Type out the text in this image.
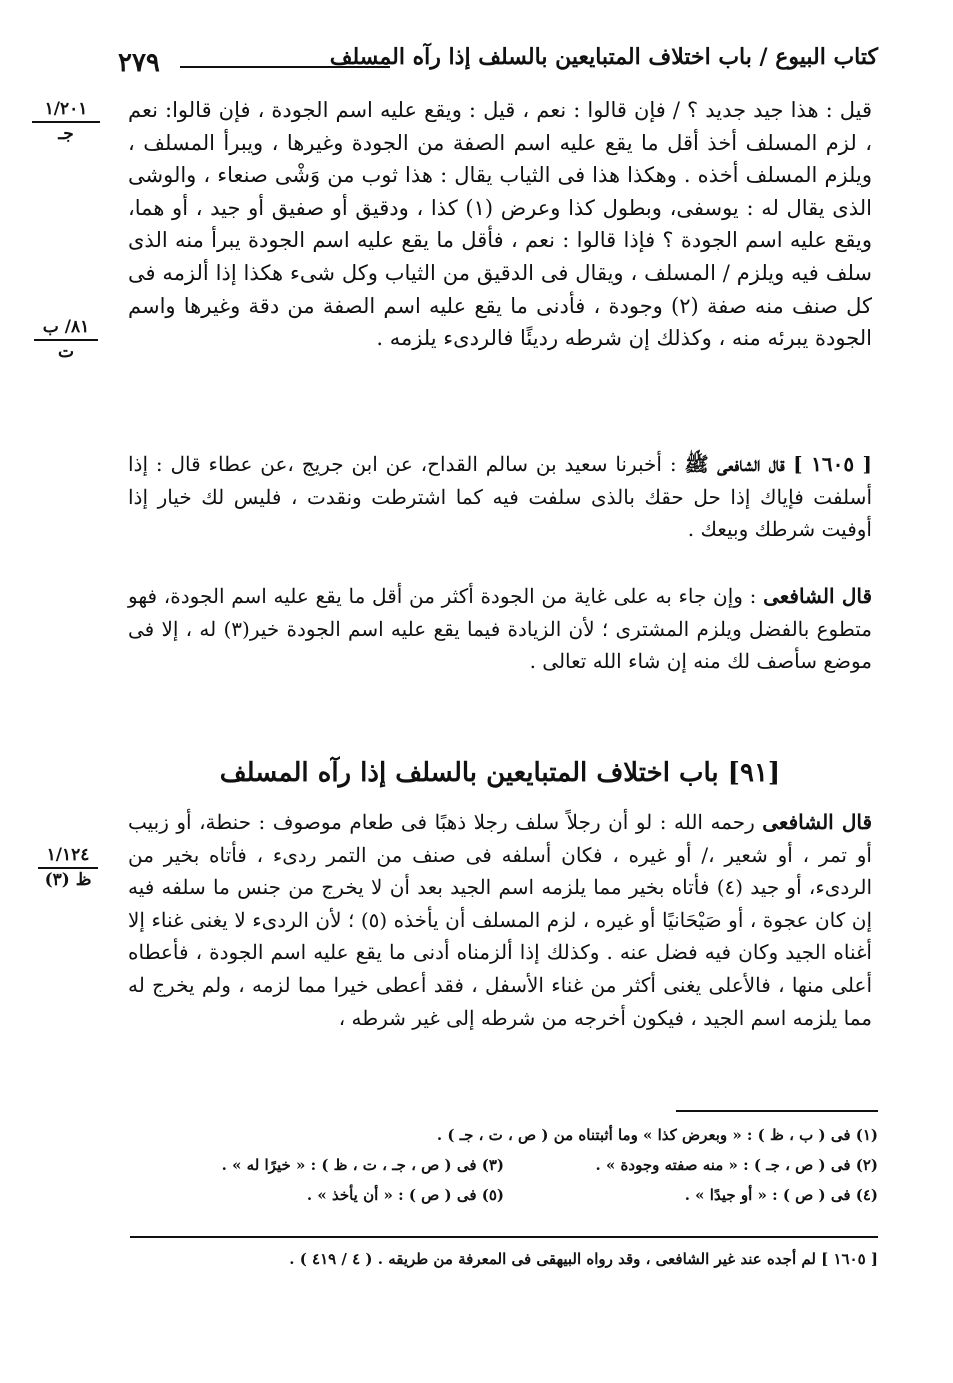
كتاب البيوع / باب اختلاف المتبايعين بالسلف إذا رآه المسلف
٢٧٩
١/٢٠١
جـ
٨١/ ب
ت
١/١٢٤
ظ (٣)
قيل : هذا جيد جديد ؟ / فإن قالوا : نعم ، قيل : ويقع عليه اسم الجودة ، فإن قالوا: نعم ، لزم المسلف أخذ أقل ما يقع عليه اسم الصفة من الجودة وغيرها ، ويبرأ المسلف ، ويلزم المسلف أخذه . وهكذا هذا فى الثياب يقال : هذا ثوب من وَشْى صنعاء ، والوشى الذى يقال له : يوسفى، وبطول كذا وعرض (١) كذا ، ودقيق أو صفيق أو جيد ، أو هما، ويقع عليه اسم الجودة ؟ فإذا قالوا : نعم ، فأقل ما يقع عليه اسم الجودة يبرأ منه الذى سلف فيه ويلزم / المسلف ، ويقال فى الدقيق من الثياب وكل شىء هكذا إذا ألزمه فى كل صنف منه صفة (٢) وجودة ، فأدنى ما يقع عليه اسم الصفة من دقة وغيرها واسم الجودة يبرئه منه ، وكذلك إن شرطه رديئًا فالردىء يلزمه .
[ ١٦٠٥ ] قال الشافعى ﷺ : أخبرنا سعيد بن سالم القداح، عن ابن جريج ،عن عطاء قال : إذا أسلفت فإياك إذا حل حقك بالذى سلفت فيه كما اشترطت ونقدت ، فليس لك خيار إذا أوفيت شرطك وبيعك .
قال الشافعى : وإن جاء به على غاية من الجودة أكثر من أقل ما يقع عليه اسم الجودة، فهو متطوع بالفضل ويلزم المشترى ؛ لأن الزيادة فيما يقع عليه اسم الجودة خير(٣) له ، إلا فى موضع سأصف لك منه إن شاء الله تعالى .
[٩١] باب اختلاف المتبايعين بالسلف إذا رآه المسلف
قال الشافعى رحمه الله : لو أن رجلاً سلف رجلا ذهبًا فى طعام موصوف : حنطة، أو زبيب أو تمر ، أو شعير ،/ أو غيره ، فكان أسلفه فى صنف من التمر ردىء ، فأتاه بخير من الردىء، أو جيد (٤) فأتاه بخير مما يلزمه اسم الجيد بعد أن لا يخرج من جنس ما سلفه فيه إن كان عجوة ، أو صَيْحَانيًا أو غيره ، لزم المسلف أن يأخذه (٥) ؛ لأن الردىء لا يغنى غناء إلا أغناه الجيد وكان فيه فضل عنه . وكذلك إذا ألزمناه أدنى ما يقع عليه اسم الجودة ، فأعطاه أعلى منها ، فالأعلى يغنى أكثر من غناء الأسفل ، فقد أعطى خيرا مما لزمه ، ولم يخرج له مما يلزمه اسم الجيد ، فيكون أخرجه من شرطه إلى غير شرطه ،
(١) فى ( ب ، ظ ) : « وبعرض كذا » وما أثبتناه من ( ص ، ت ، جـ ) .
(٢) فى ( ص ، جـ ) : « منه صفته وجودة » .
(٣) فى ( ص ، جـ ، ت ، ظ ) : « خيرًا له » .
(٤) فى ( ص ) : « أو جيدًا » .
(٥) فى ( ص ) : « أن يأخذ » .
[ ١٦٠٥ ] لم أجده عند غير الشافعى ، وقد رواه البيهقى فى المعرفة من طريقه . ( ٤ / ٤١٩ ) .
